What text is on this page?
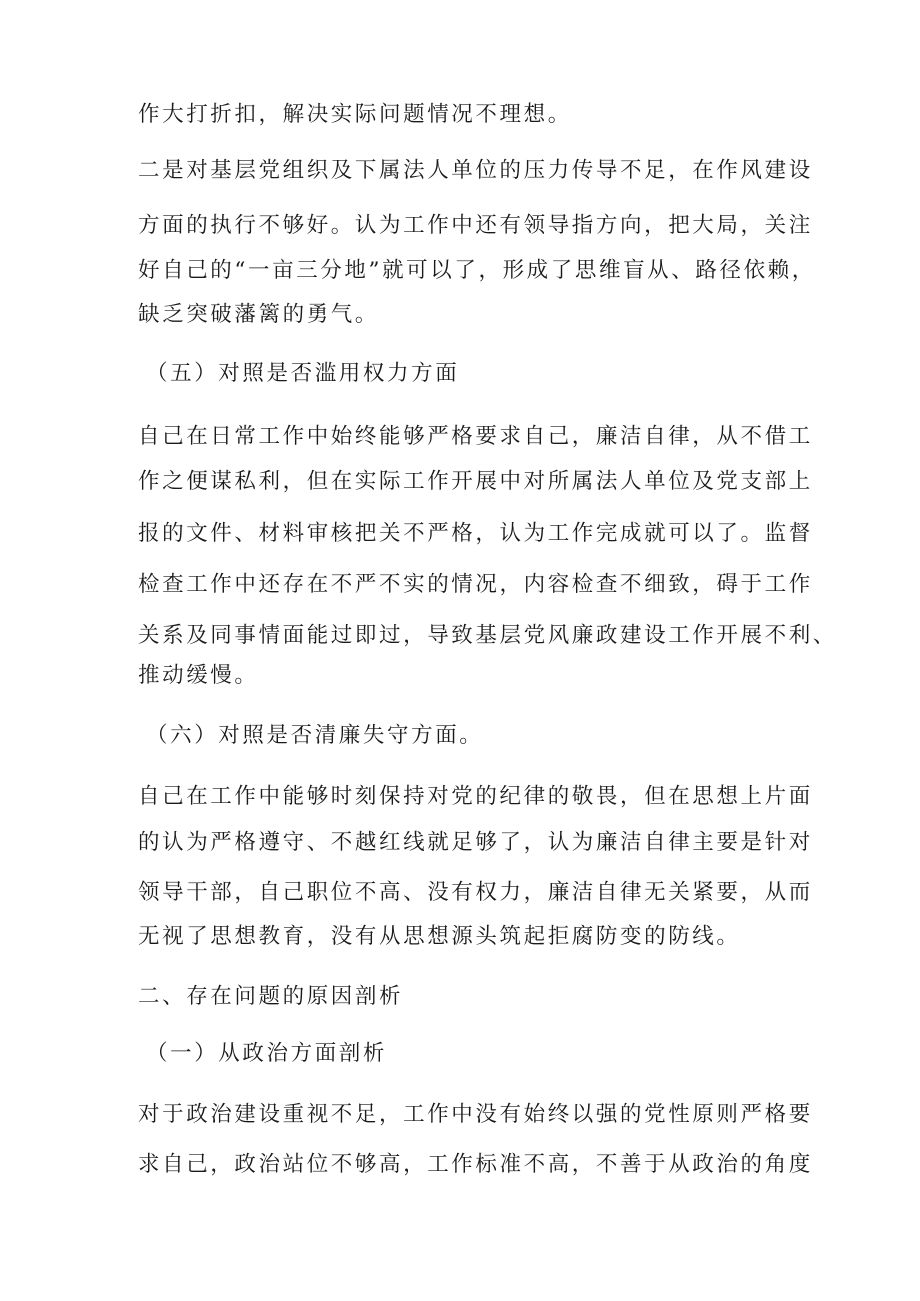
作大打折扣，解决实际问题情况不理想。
二是对基层党组织及下属法人单位的压力传导不足，在作风建设
方面的执行不够好。认为工作中还有领导指方向，把大局，关注
好自己的“一亩三分地”就可以了，形成了思维盲从、路径依赖，
缺乏突破藩篱的勇气。
（五）对照是否滥用权力方面
自己在日常工作中始终能够严格要求自己，廉洁自律，从不借工
作之便谋私利，但在实际工作开展中对所属法人单位及党支部上
报的文件、材料审核把关不严格，认为工作完成就可以了。监督
检查工作中还存在不严不实的情况，内容检查不细致，碍于工作
关系及同事情面能过即过，导致基层党风廉政建设工作开展不利、
推动缓慢。
（六）对照是否清廉失守方面。
自己在工作中能够时刻保持对党的纪律的敬畏，但在思想上片面
的认为严格遵守、不越红线就足够了，认为廉洁自律主要是针对
领导干部，自己职位不高、没有权力，廉洁自律无关紧要，从而
无视了思想教育，没有从思想源头筑起拒腐防变的防线。
二、存在问题的原因剖析
（一）从政治方面剖析
对于政治建设重视不足，工作中没有始终以强的党性原则严格要
求自己，政治站位不够高，工作标准不高，不善于从政治的角度
